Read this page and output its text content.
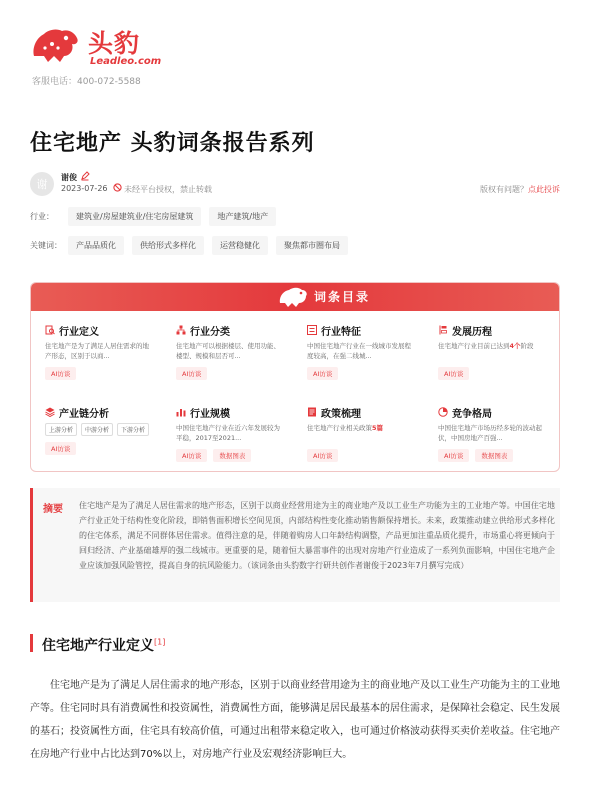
头豹
Leadleo.com
客服电话：400-072-5588
住宅地产 头豹词条报告系列
谢
谢俊
2023-07-26 未经平台授权，禁止转载	版权有问题？点此投诉
行业：	建筑业/房屋建筑业/住宅房屋建筑	地产建筑/地产
关键词：	产品品质化	供给形式多样化	运营稳健化	聚焦都市圈布局
词条目录
行业定义
住宅地产是为了满足人居住需求的地产形态，区别于以商...
AI访谈
行业分类
住宅地产可以根据楼层、使用功能、楼型、规模和层否可...
AI访谈
行业特征
中国住宅地产行业在一线城市发展程度较高，在强二线城...
AI访谈
发展历程
住宅地产行业目前已达到4个阶段
AI访谈
产业链分析
上游分析	中游分析	下游分析
AI访谈
行业规模
中国住宅地产行业在近六年发展较为平稳，2017至2021...
AI访谈	数据图表
政策梳理
住宅地产行业相关政策5篇
AI访谈
竞争格局
中国住宅地产市场历经多轮的波动起伏，中国房地产百强...
AI访谈	数据图表
摘要 住宅地产是为了满足人居住需求的地产形态，区别于以商业经营用途为主的商业地产及以工业生产功能为主的工业地产等。中国住宅地产行业正处于结构性变化阶段，即销售面积增长空间见顶，内部结构性变化推动销售额保持增长。未来，政策推动建立供给形式多样化的住宅体系，满足不同群体居住需求。值得注意的是，伴随着购房人口年龄结构调整，产品更加注重品质化提升，市场重心将更倾向于回归经济、产业基础雄厚的强二线城市。更重要的是，随着恒大暴雷事件的出现对房地产行业造成了一系列负面影响，中国住宅地产企业应该加强风险管控，提高自身的抗风险能力。（该词条由头豹数字行研共创作者谢俊于2023年7月撰写完成）
住宅地产行业定义[1]

住宅地产是为了满足人居住需求的地产形态，区别于以商业经营用途为主的商业地产及以工业生产功能为主的工业地产等。住宅同时具有消费属性和投资属性，消费属性方面，能够满足居民最基本的居住需求，是保障社会稳定、民生发展的基石；投资属性方面，住宅具有较高价值，可通过出租带来稳定收入，也可通过价格波动获得买卖价差收益。住宅地产在房地产行业中占比达到70%以上，对房地产行业及宏观经济影响巨大。
